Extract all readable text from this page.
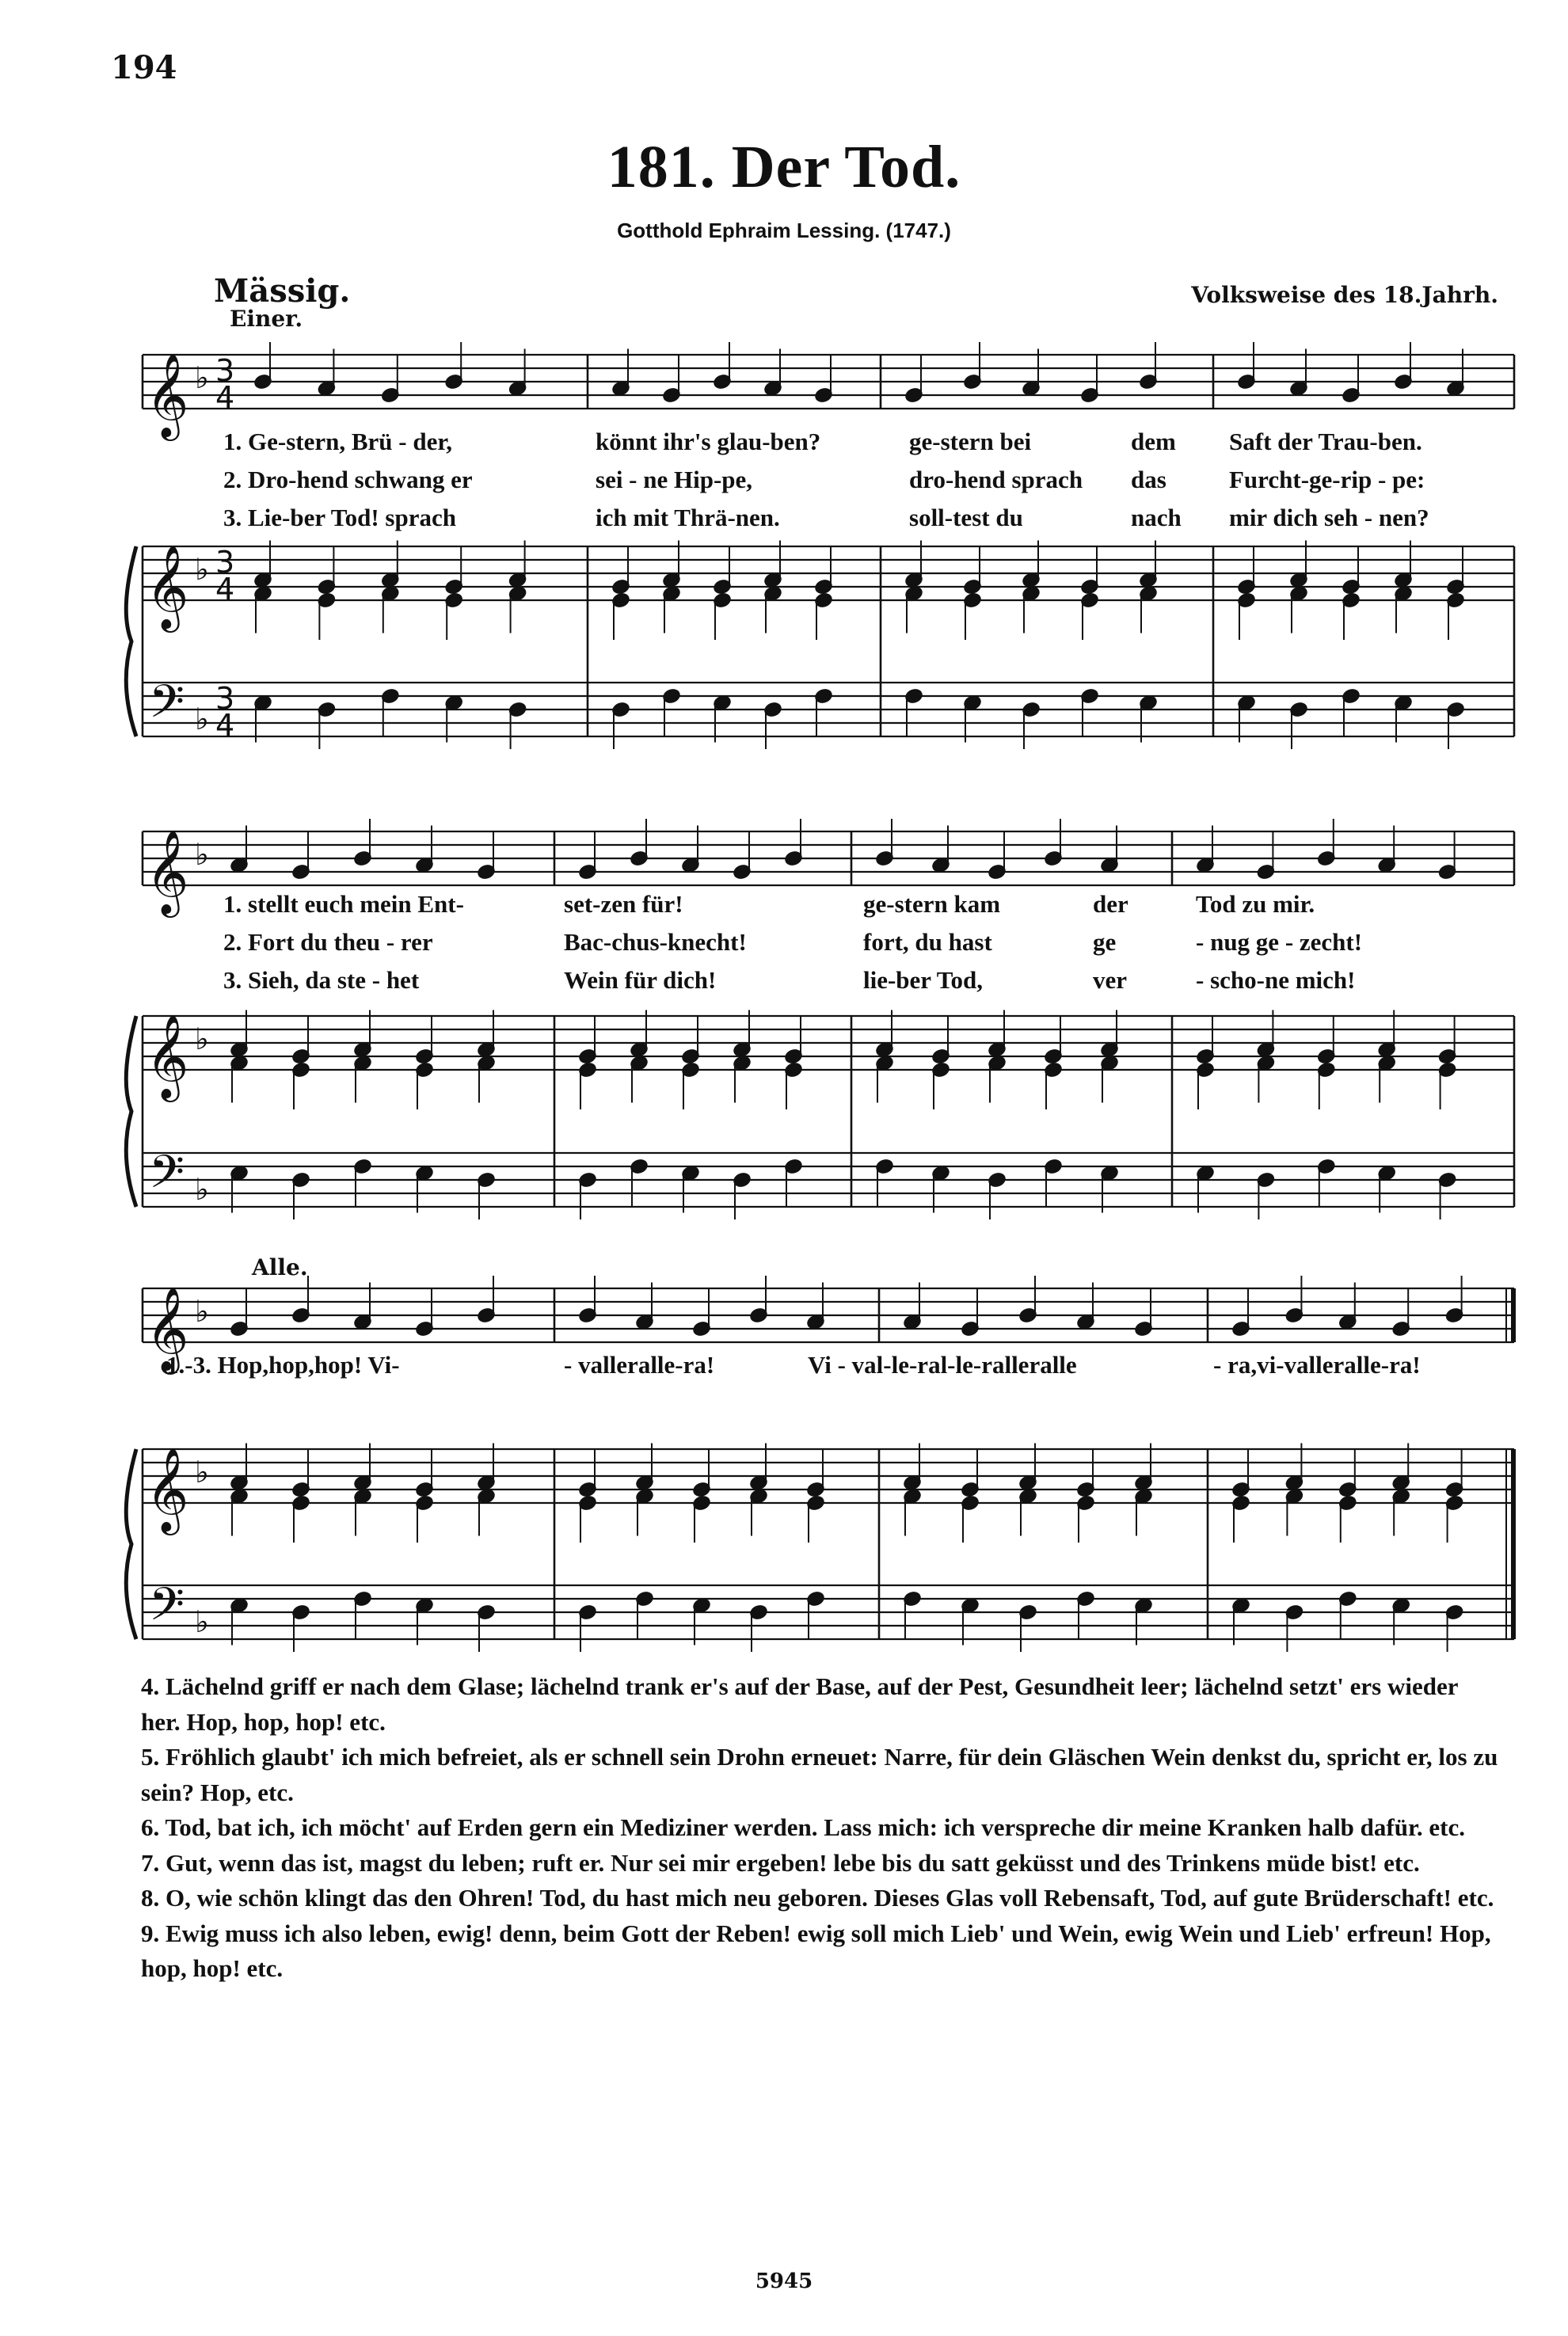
194
181. Der Tod.
Gotthold Ephraim Lessing. (1747.)
Mässig.
Einer.
Volksweise des 18.Jahrh.
Alle.
𝄞
𝄞
𝄢
♭
♭
♭
3
4
3
4
3
4
𝄞
𝄞
𝄢
♭
♭
♭
𝄞
𝄞
𝄢
♭
♭
♭
1. Ge-stern, Brü - der,	könnt ihr's glau-ben?	ge-stern bei	dem Saft der Trau-ben.
2. Dro-hend schwang er	sei - ne Hip-pe,	dro-hend sprach das	Furcht-ge-rip - pe:
3. Lie-ber Tod! sprach	ich mit Thrä-nen.	soll-test du	nach mir dich seh - nen?
1. stellt euch mein Ent-	set-zen für!	ge-stern kam	der	Tod zu mir.
2. Fort du theu - rer	Bac-chus-knecht!	fort, du hast	ge	- nug ge - zecht!
3. Sieh, da ste - het	Wein für dich!	lie-ber Tod,	ver	- scho-ne mich!
1.-3. Hop,hop,hop! Vi-	- valleralle-ra!	Vi - val-le-ral-le-ralleralle	- ra,vi-valleralle-ra!

4. Lächelnd griff er nach dem Glase; lächelnd trank er's auf der Base, auf der Pest, Gesundheit leer; lächelnd setzt' ers wieder her. Hop, hop, hop! etc.

5. Fröhlich glaubt' ich mich befreiet, als er schnell sein Drohn erneuet: Narre, für dein Gläschen Wein denkst du, spricht er, los zu sein? Hop, etc.

6. Tod, bat ich, ich möcht' auf Erden gern ein Mediziner werden. Lass mich: ich verspreche dir meine Kranken halb dafür. etc.

7. Gut, wenn das ist, magst du leben; ruft er. Nur sei mir ergeben! lebe bis du satt geküsst und des Trinkens müde bist! etc.

8. O, wie schön klingt das den Ohren! Tod, du hast mich neu geboren. Dieses Glas voll Rebensaft, Tod, auf gute Brüderschaft! etc.

9. Ewig muss ich also leben, ewig! denn, beim Gott der Reben! ewig soll mich Lieb' und Wein, ewig Wein und Lieb' erfreun! Hop, hop, hop! etc.

5945
